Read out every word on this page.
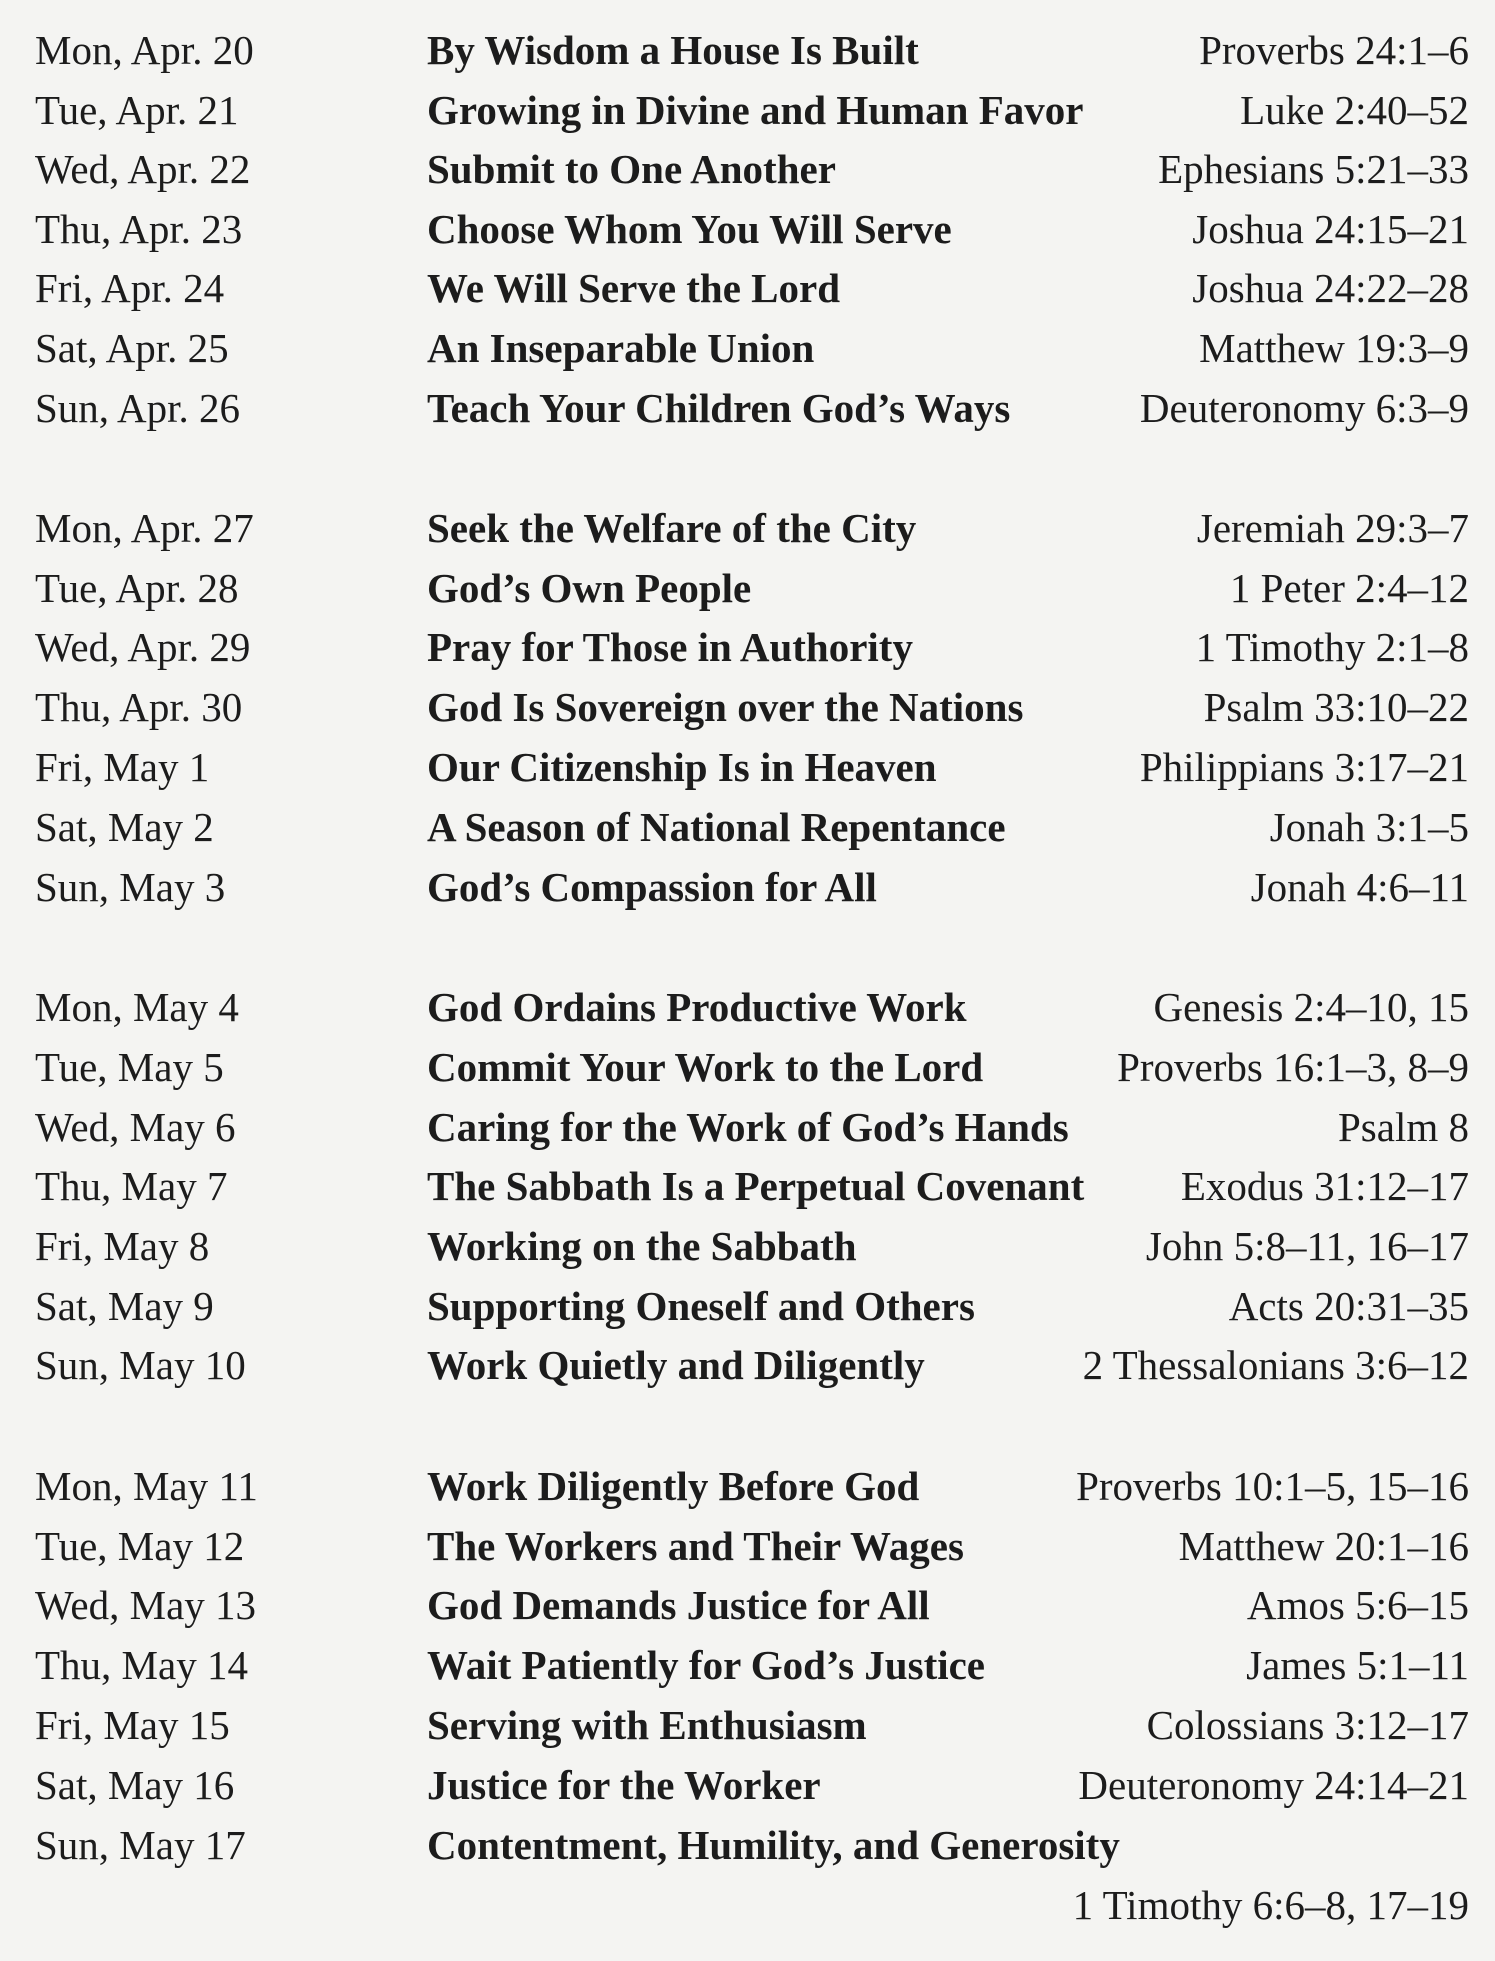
Mon, Apr. 20	By Wisdom a House Is Built	Proverbs 24:1–6
Tue, Apr. 21	Growing in Divine and Human Favor	Luke 2:40–52
Wed, Apr. 22	Submit to One Another	Ephesians 5:21–33
Thu, Apr. 23	Choose Whom You Will Serve	Joshua 24:15–21
Fri, Apr. 24	We Will Serve the Lord	Joshua 24:22–28
Sat, Apr. 25	An Inseparable Union	Matthew 19:3–9
Sun, Apr. 26	Teach Your Children God’s Ways	Deuteronomy 6:3–9
Mon, Apr. 27	Seek the Welfare of the City	Jeremiah 29:3–7
Tue, Apr. 28	God’s Own People	1 Peter 2:4–12
Wed, Apr. 29	Pray for Those in Authority	1 Timothy 2:1–8
Thu, Apr. 30	God Is Sovereign over the Nations	Psalm 33:10–22
Fri, May 1	Our Citizenship Is in Heaven	Philippians 3:17–21
Sat, May 2	A Season of National Repentance	Jonah 3:1–5
Sun, May 3	God’s Compassion for All	Jonah 4:6–11
Mon, May 4	God Ordains Productive Work	Genesis 2:4–10, 15
Tue, May 5	Commit Your Work to the Lord	Proverbs 16:1–3, 8–9
Wed, May 6	Caring for the Work of God’s Hands	Psalm 8
Thu, May 7	The Sabbath Is a Perpetual Covenant Exodus 31:12–17
Fri, May 8	Working on the Sabbath	John 5:8–11, 16–17
Sat, May 9	Supporting Oneself and Others	Acts 20:31–35
Sun, May 10	Work Quietly and Diligently	2 Thessalonians 3:6–12
Mon, May 11	Work Diligently Before God	Proverbs 10:1–5, 15–16
Tue, May 12	The Workers and Their Wages	Matthew 20:1–16
Wed, May 13	God Demands Justice for All	Amos 5:6–15
Thu, May 14	Wait Patiently for God’s Justice	James 5:1–11
Fri, May 15	Serving with Enthusiasm	Colossians 3:12–17
Sat, May 16	Justice for the Worker	Deuteronomy 24:14–21
Sun, May 17	Contentment, Humility, and Generosity
1 Timothy 6:6–8, 17–19
